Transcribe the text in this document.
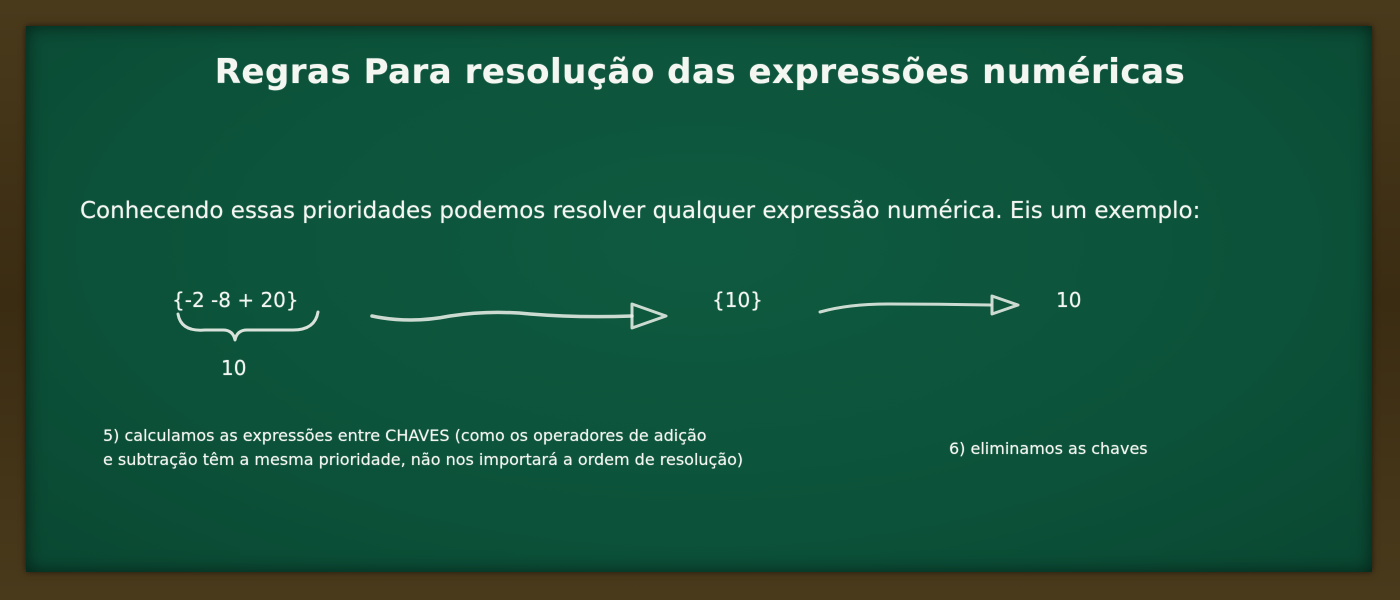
Regras Para resolução das expressões numéricas
Conhecendo essas prioridades podemos resolver qualquer expressão numérica. Eis um exemplo:
{-2 -8 + 20}
10
{10}	10
5) calculamos as expressões entre CHAVES (como os operadores de adição
e subtração têm a mesma prioridade, não nos importará a ordem de resolução)
6) eliminamos as chaves
